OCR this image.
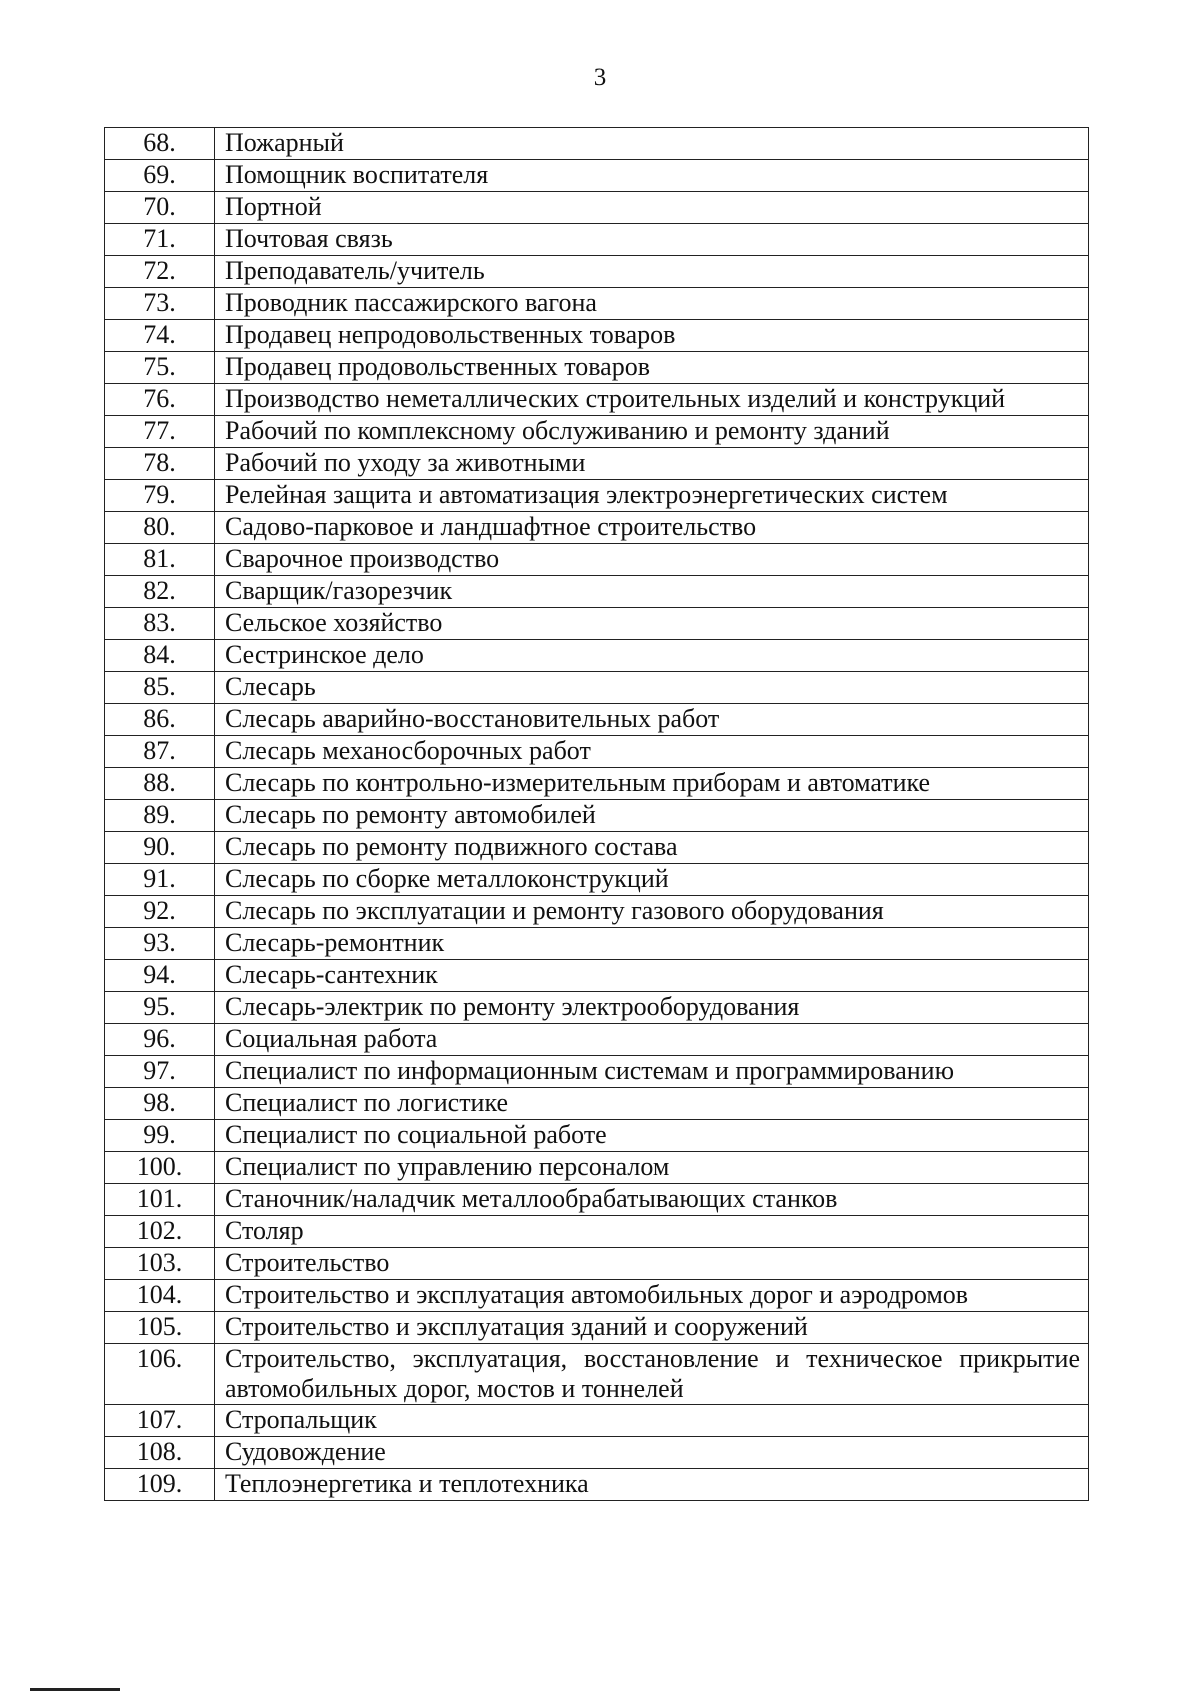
3
68.	Пожарный
69.	Помощник воспитателя
70.	Портной
71.	Почтовая связь
72.	Преподаватель/учитель
73.	Проводник пассажирского вагона
74.	Продавец непродовольственных товаров
75.	Продавец продовольственных товаров
76.	Производство неметаллических строительных изделий и конструкций
77.	Рабочий по комплексному обслуживанию и ремонту зданий
78.	Рабочий по уходу за животными
79.	Релейная защита и автоматизация электроэнергетических систем
80.	Садово-парковое и ландшафтное строительство
81.	Сварочное производство
82.	Сварщик/газорезчик
83.	Сельское хозяйство
84.	Сестринское дело
85.	Слесарь
86.	Слесарь аварийно-восстановительных работ
87.	Слесарь механосборочных работ
88.	Слесарь по контрольно-измерительным приборам и автоматике
89.	Слесарь по ремонту автомобилей
90.	Слесарь по ремонту подвижного состава
91.	Слесарь по сборке металлоконструкций
92.	Слесарь по эксплуатации и ремонту газового оборудования
93.	Слесарь-ремонтник
94.	Слесарь-сантехник
95.	Слесарь-электрик по ремонту электрооборудования
96.	Социальная работа
97.	Специалист по информационным системам и программированию
98.	Специалист по логистике
99.	Специалист по социальной работе
100.	Специалист по управлению персоналом
101.	Станочник/наладчик металлообрабатывающих станков
102.	Столяр
103.	Строительство
104.	Строительство и эксплуатация автомобильных дорог и аэродромов
105.	Строительство и эксплуатация зданий и сооружений
106.	Строительство, эксплуатация, восстановление и техническое прикрытие автомобильных дорог, мостов и тоннелей
107.	Стропальщик
108.	Судовождение
109.	Теплоэнергетика и теплотехника
